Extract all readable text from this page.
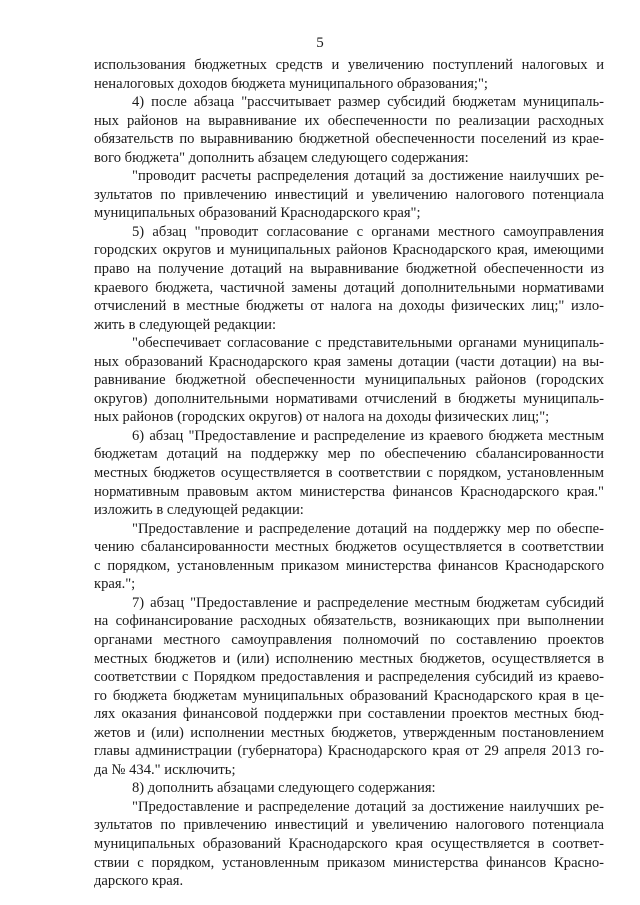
5
использования бюджетных средств и увеличению поступлений налоговых и
неналоговых доходов бюджета муниципального образования;";
4) после абзаца "рассчитывает размер субсидий бюджетам муниципаль-
ных районов на выравнивание их обеспеченности по реализации расходных
обязательств по выравниванию бюджетной обеспеченности поселений из крае-
вого бюджета" дополнить абзацем следующего содержания:
"проводит расчеты распределения дотаций за достижение наилучших ре-
зультатов по привлечению инвестиций и увеличению налогового потенциала
муниципальных образований Краснодарского края";
5) абзац "проводит согласование с органами местного самоуправления
городских округов и муниципальных районов Краснодарского края, имеющими
право на получение дотаций на выравнивание бюджетной обеспеченности из
краевого бюджета, частичной замены дотаций дополнительными нормативами
отчислений в местные бюджеты от налога на доходы физических лиц;" изло-
жить в следующей редакции:
"обеспечивает согласование с представительными органами муниципаль-
ных образований Краснодарского края замены дотации (части дотации) на вы-
равнивание бюджетной обеспеченности муниципальных районов (городских
округов) дополнительными нормативами отчислений в бюджеты муниципаль-
ных районов (городских округов) от налога на доходы физических лиц;";
6) абзац "Предоставление и распределение из краевого бюджета местным
бюджетам дотаций на поддержку мер по обеспечению сбалансированности
местных бюджетов осуществляется в соответствии с порядком, установленным
нормативным правовым актом министерства финансов Краснодарского края."
изложить в следующей редакции:
"Предоставление и распределение дотаций на поддержку мер по обеспе-
чению сбалансированности местных бюджетов осуществляется в соответствии
с порядком, установленным приказом министерства финансов Краснодарского
края.";
7) абзац "Предоставление и распределение местным бюджетам субсидий
на софинансирование расходных обязательств, возникающих при выполнении
органами местного самоуправления полномочий по составлению проектов
местных бюджетов и (или) исполнению местных бюджетов, осуществляется в
соответствии с Порядком предоставления и распределения субсидий из краево-
го бюджета бюджетам муниципальных образований Краснодарского края в це-
лях оказания финансовой поддержки при составлении проектов местных бюд-
жетов и (или) исполнении местных бюджетов, утвержденным постановлением
главы администрации (губернатора) Краснодарского края от 29 апреля 2013 го-
да № 434." исключить;
8) дополнить абзацами следующего содержания:
"Предоставление и распределение дотаций за достижение наилучших ре-
зультатов по привлечению инвестиций и увеличению налогового потенциала
муниципальных образований Краснодарского края осуществляется в соответ-
ствии с порядком, установленным приказом министерства финансов Красно-
дарского края.
